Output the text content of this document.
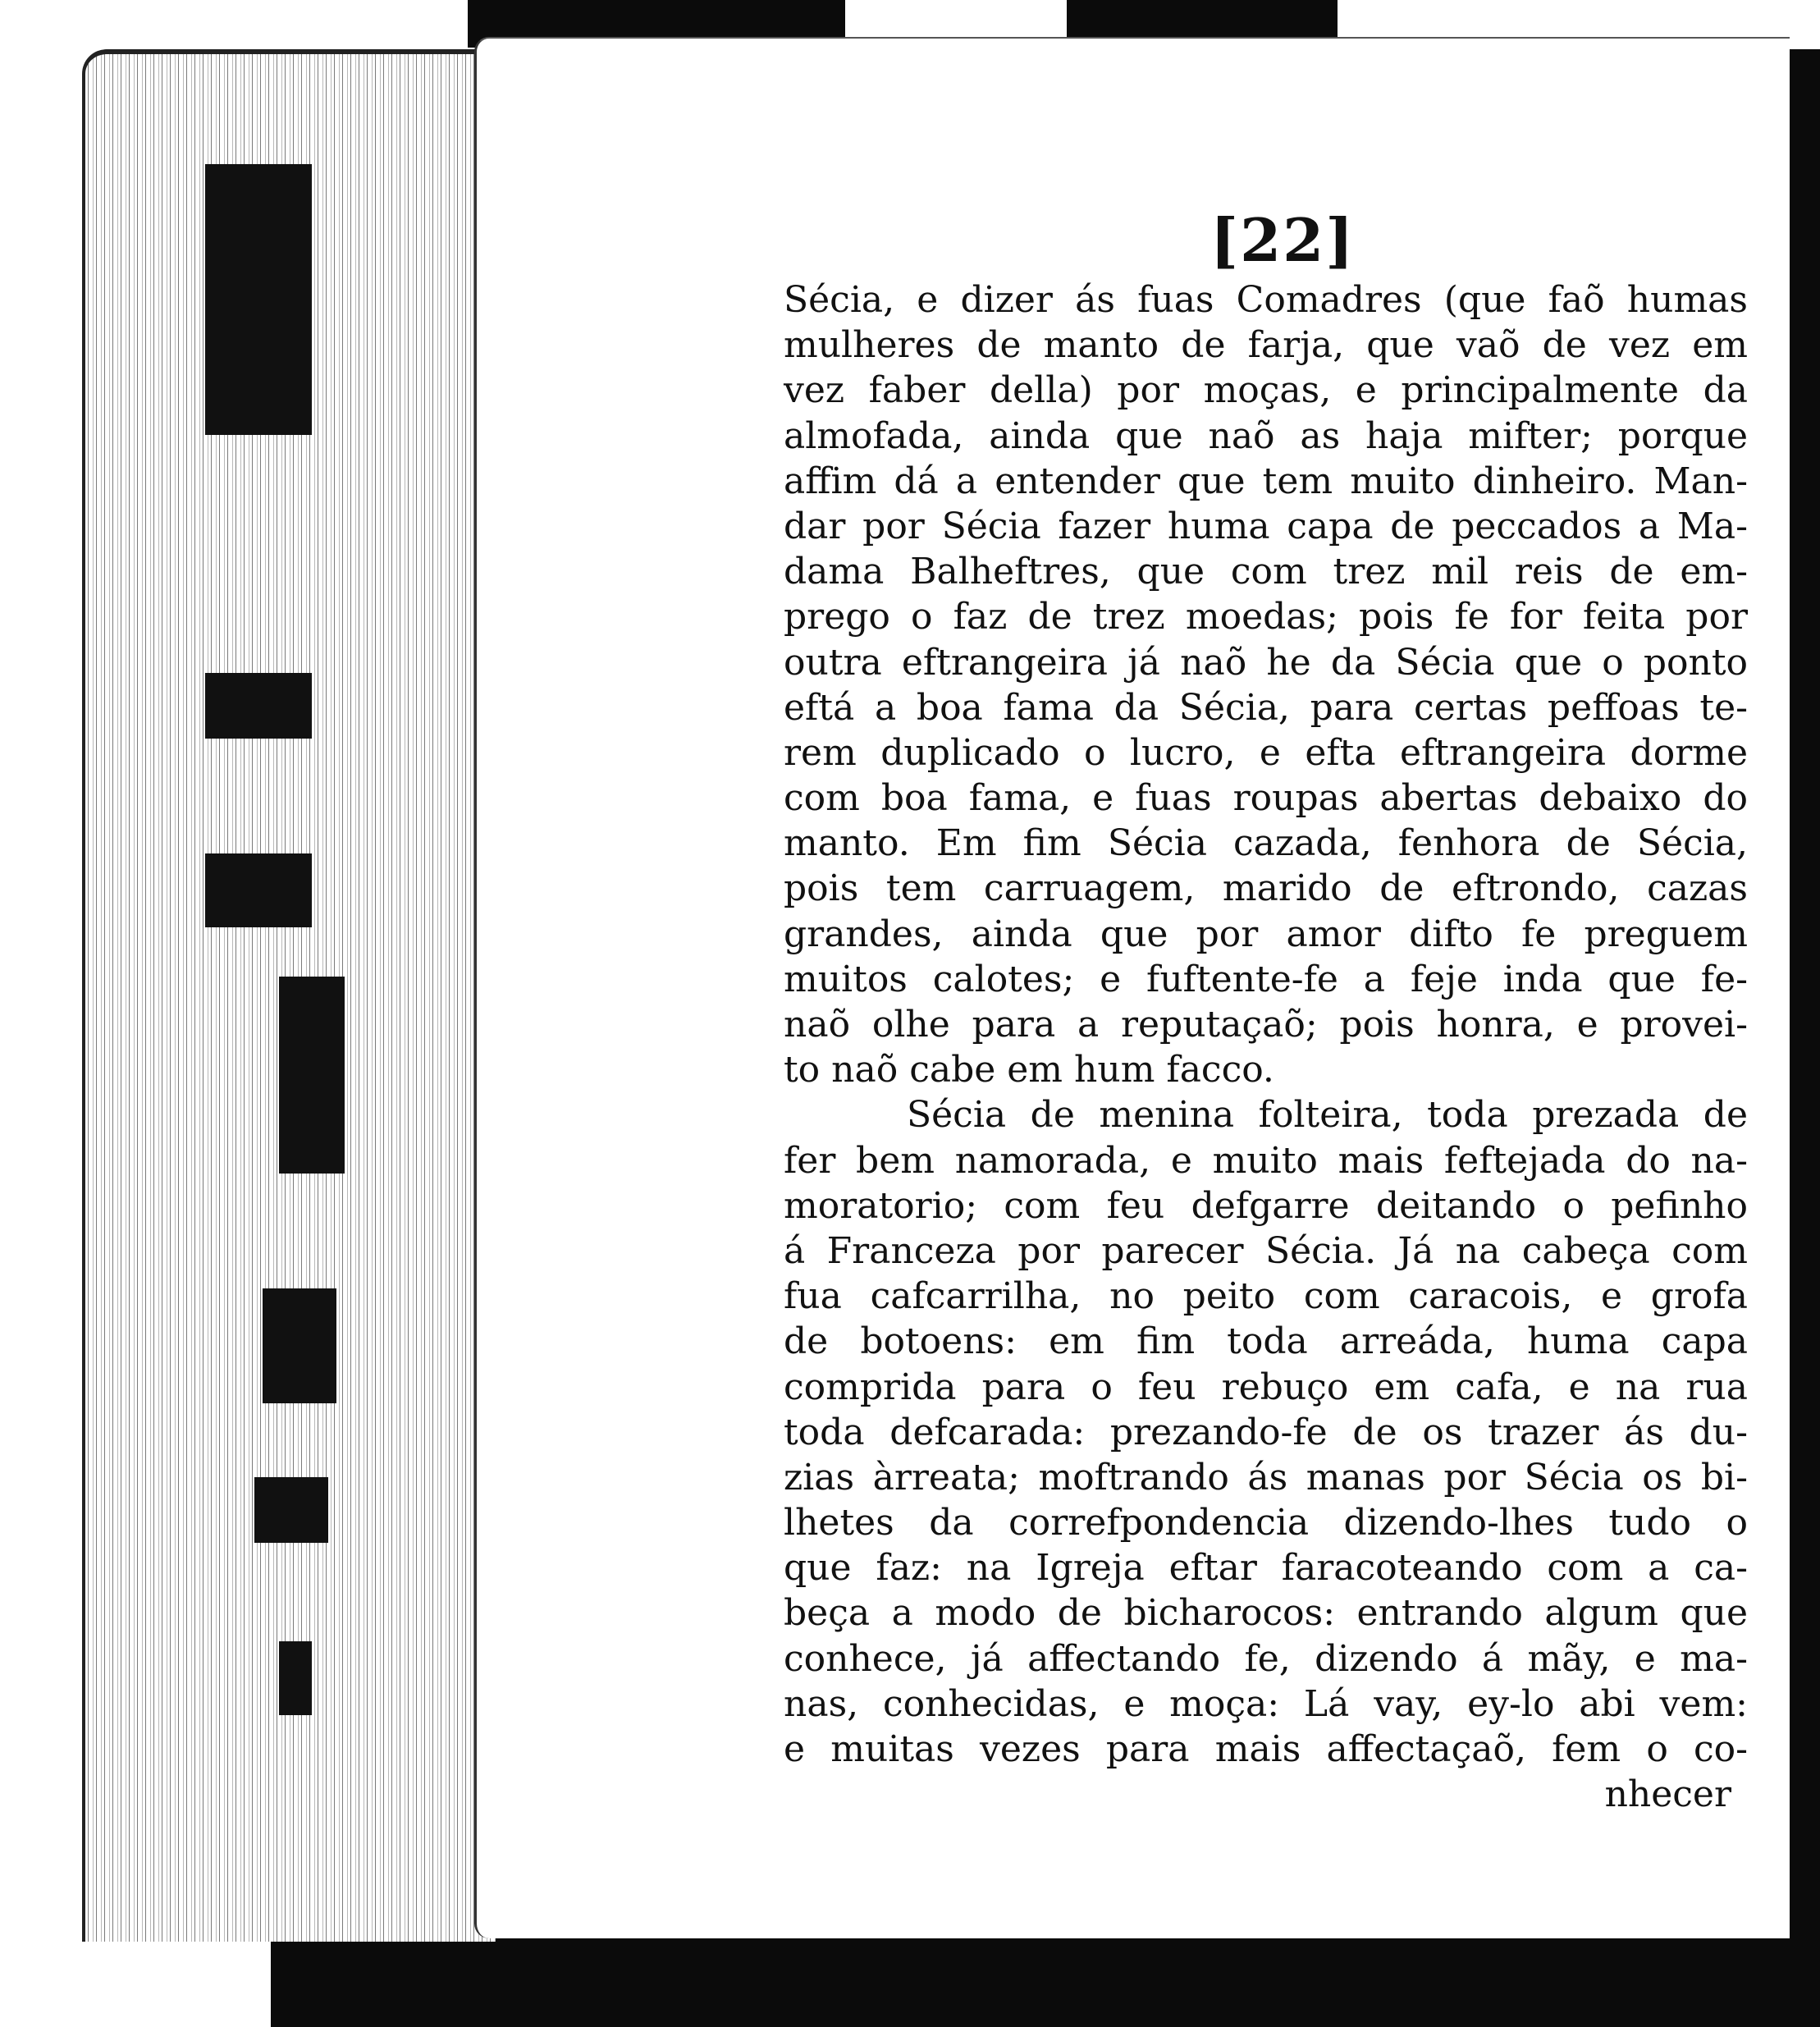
[22]
Sécia, e dizer ás fuas Comadres (que faõ humas
mulheres de manto de farja, que vaõ de vez em
vez faber della) por moças, e principalmente da
almofada, ainda que naõ as haja mifter; porque
affim dá a entender que tem muito dinheiro. Man-
dar por Sécia fazer huma capa de peccados a Ma-
dama Balheftres, que com trez mil reis de em-
prego o faz de trez moedas; pois fe for feita por
outra eftrangeira já naõ he da Sécia que o ponto
eftá a boa fama da Sécia, para certas peffoas te-
rem duplicado o lucro, e efta eftrangeira dorme
com boa fama, e fuas roupas abertas debaixo do
manto. Em fim Sécia cazada, fenhora de Sécia,
pois tem carruagem, marido de eftrondo, cazas
grandes, ainda que por amor difto fe preguem
muitos calotes; e fuftente-fe a feje inda que fe-
naõ olhe para a reputaçaõ; pois honra, e provei-
to naõ cabe em hum facco.
Sécia de menina folteira, toda prezada de
fer bem namorada, e muito mais feftejada do na-
moratorio; com feu defgarre deitando o pefinho
á Franceza por parecer Sécia. Já na cabeça com
fua cafcarrilha, no peito com caracois, e grofa
de botoens: em fim toda arreáda, huma capa
comprida para o feu rebuço em cafa, e na rua
toda defcarada: prezando-fe de os trazer ás du-
zias àrreata; moftrando ás manas por Sécia os bi-
lhetes da correfpondencia dizendo-lhes tudo o
que faz: na Igreja eftar faracoteando com a ca-
beça a modo de bicharocos: entrando algum que
conhece, já affectando fe, dizendo á mãy, e ma-
nas, conhecidas, e moça: Lá vay, ey-lo abi vem:
e muitas vezes para mais affectaçaõ, fem o co-
nhecer
